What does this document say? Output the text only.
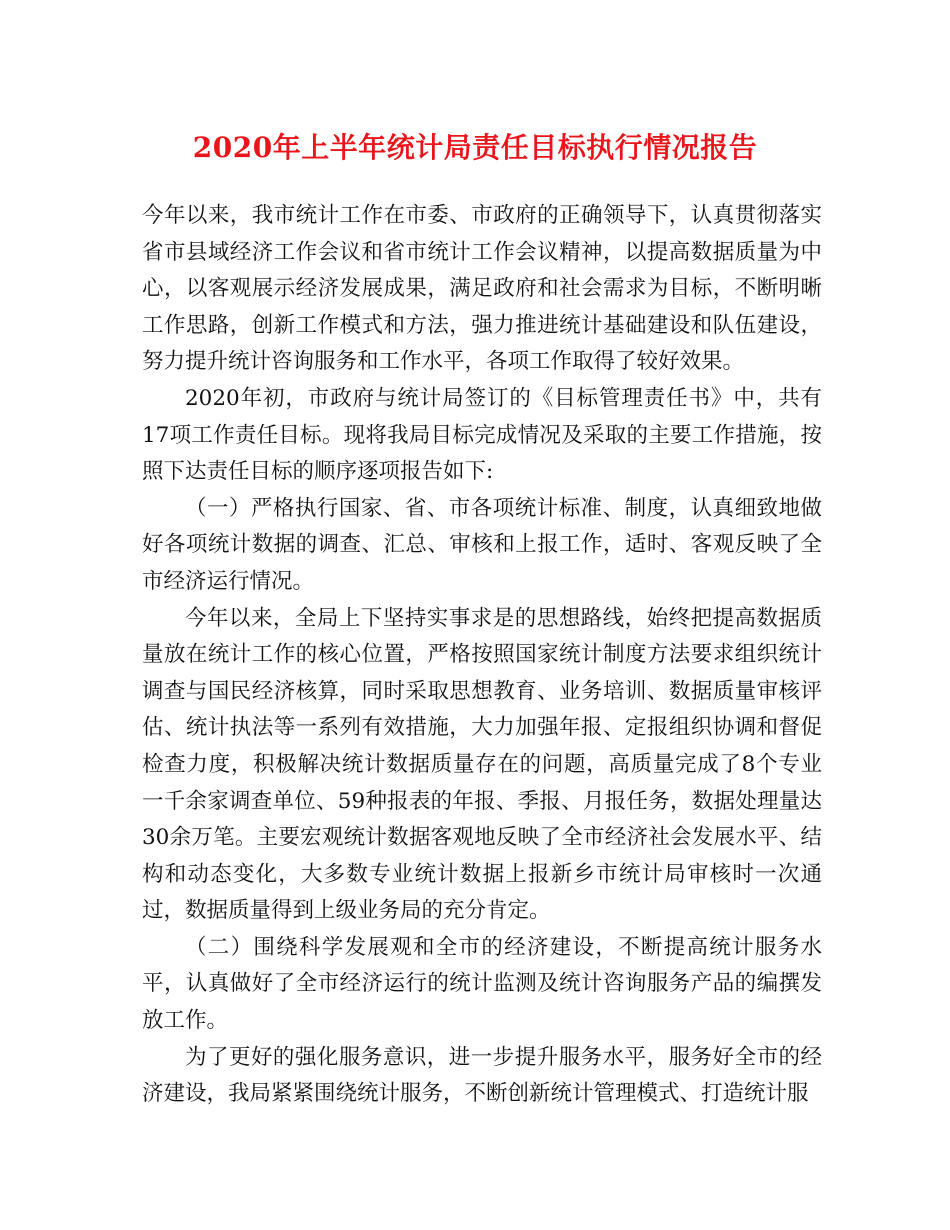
2020年上半年统计局责任目标执行情况报告

今年以来，我市统计工作在市委、市政府的正确领导下，认真贯彻落实省市县域经济工作会议和省市统计工作会议精神，以提高数据质量为中心，以客观展示经济发展成果，满足政府和社会需求为目标，不断明晰工作思路，创新工作模式和方法，强力推进统计基础建设和队伍建设，努力提升统计咨询服务和工作水平，各项工作取得了较好效果。

2020年初，市政府与统计局签订的《目标管理责任书》中，共有17项工作责任目标。现将我局目标完成情况及采取的主要工作措施，按照下达责任目标的顺序逐项报告如下:

（一）严格执行国家、省、市各项统计标准、制度，认真细致地做好各项统计数据的调查、汇总、审核和上报工作，适时、客观反映了全市经济运行情况。

今年以来，全局上下坚持实事求是的思想路线，始终把提高数据质量放在统计工作的核心位置，严格按照国家统计制度方法要求组织统计调查与国民经济核算，同时采取思想教育、业务培训、数据质量审核评估、统计执法等一系列有效措施，大力加强年报、定报组织协调和督促检查力度，积极解决统计数据质量存在的问题，高质量完成了8个专业一千余家调查单位、59种报表的年报、季报、月报任务，数据处理量达30余万笔。主要宏观统计数据客观地反映了全市经济社会发展水平、结构和动态变化，大多数专业统计数据上报新乡市统计局审核时一次通过，数据质量得到上级业务局的充分肯定。

（二）围绕科学发展观和全市的经济建设，不断提高统计服务水平，认真做好了全市经济运行的统计监测及统计咨询服务产品的编撰发放工作。

为了更好的强化服务意识，进一步提升服务水平，服务好全市的经济建设，我局紧紧围绕统计服务，不断创新统计管理模式、打造统计服
